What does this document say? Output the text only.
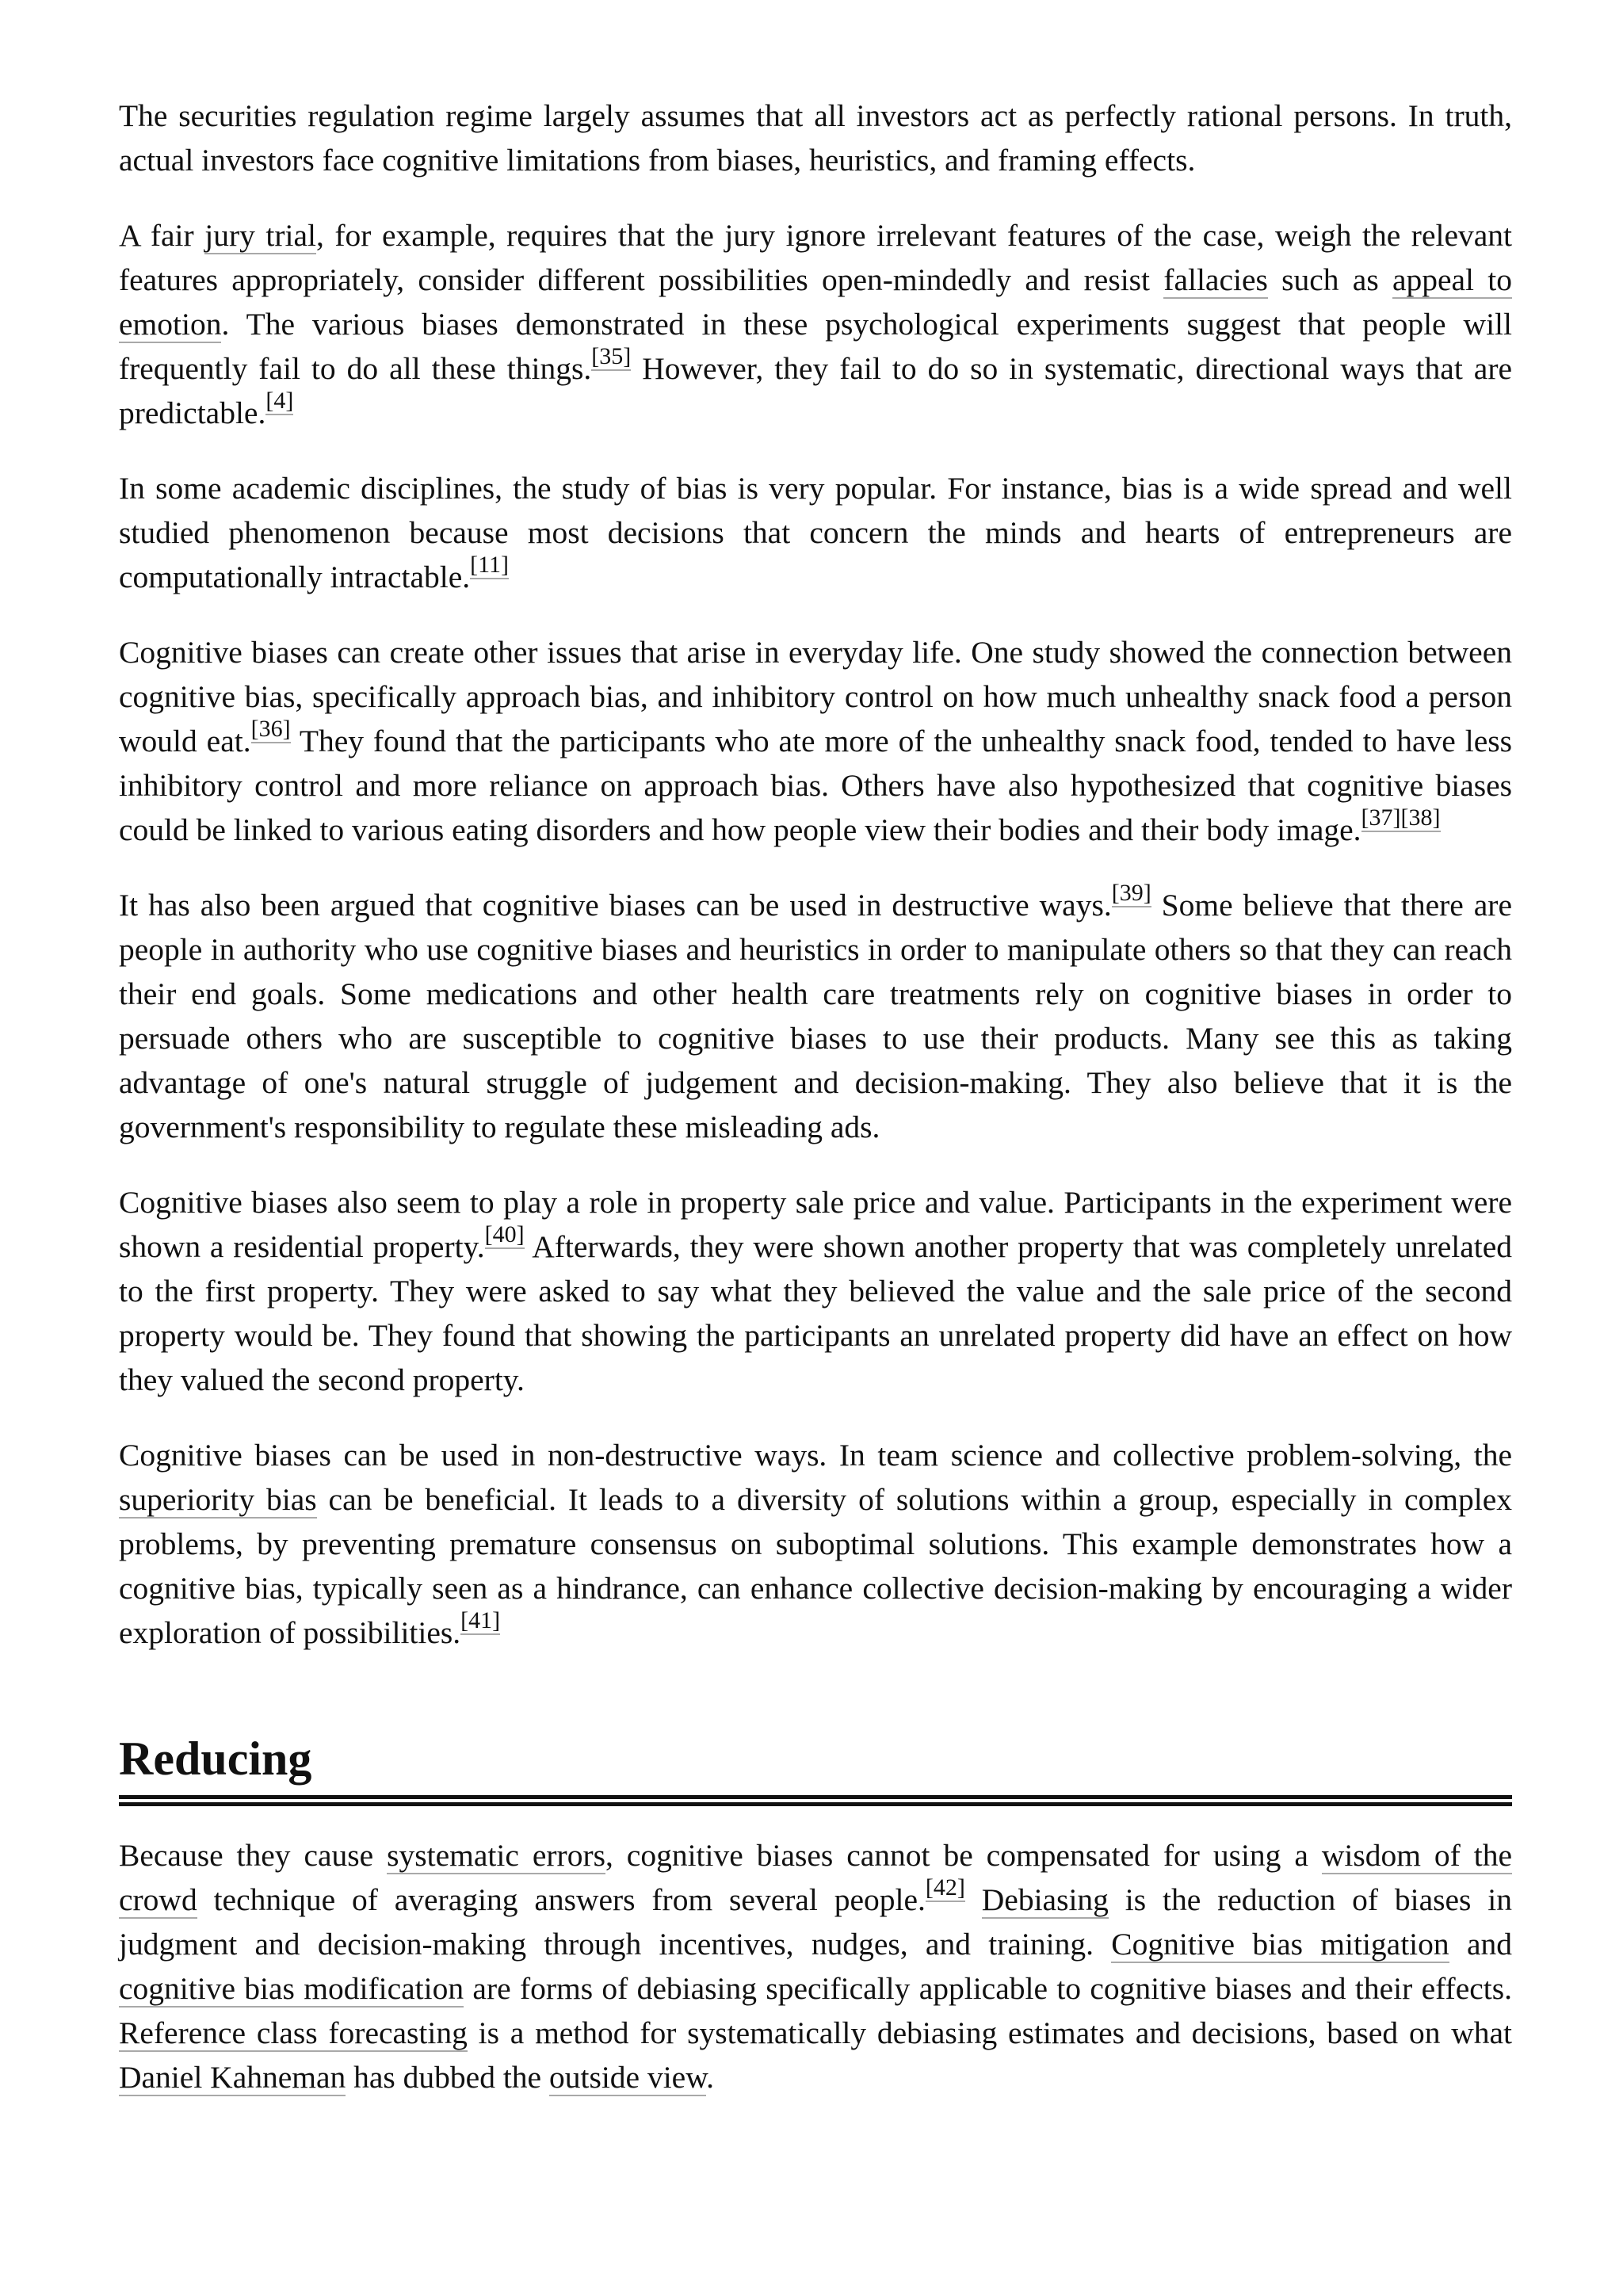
The securities regulation regime largely assumes that all investors act as perfectly rational persons. In truth, actual investors face cognitive limitations from biases, heuristics, and framing effects.

A fair jury trial, for example, requires that the jury ignore irrelevant features of the case, weigh the relevant features appropriately, consider different possibilities open-mindedly and resist fallacies such as appeal to emotion. The various biases demonstrated in these psychological experiments suggest that people will frequently fail to do all these things.[35] However, they fail to do so in systematic, directional ways that are predictable.[4]

In some academic disciplines, the study of bias is very popular. For instance, bias is a wide spread and well studied phenomenon because most decisions that concern the minds and hearts of entrepreneurs are computationally intractable.[11]

Cognitive biases can create other issues that arise in everyday life. One study showed the connection between cognitive bias, specifically approach bias, and inhibitory control on how much unhealthy snack food a person would eat.[36] They found that the participants who ate more of the unhealthy snack food, tended to have less inhibitory control and more reliance on approach bias. Others have also hypothesized that cognitive biases could be linked to various eating disorders and how people view their bodies and their body image.[37][38]

It has also been argued that cognitive biases can be used in destructive ways.[39] Some believe that there are people in authority who use cognitive biases and heuristics in order to manipulate others so that they can reach their end goals. Some medications and other health care treatments rely on cognitive biases in order to persuade others who are susceptible to cognitive biases to use their products. Many see this as taking advantage of one's natural struggle of judgement and decision-making. They also believe that it is the government's responsibility to regulate these misleading ads.

Cognitive biases also seem to play a role in property sale price and value. Participants in the experiment were shown a residential property.[40] Afterwards, they were shown another property that was completely unrelated to the first property. They were asked to say what they believed the value and the sale price of the second property would be. They found that showing the participants an unrelated property did have an effect on how they valued the second property.

Cognitive biases can be used in non-destructive ways. In team science and collective problem-solving, the superiority bias can be beneficial. It leads to a diversity of solutions within a group, especially in complex problems, by preventing premature consensus on suboptimal solutions. This example demonstrates how a cognitive bias, typically seen as a hindrance, can enhance collective decision-making by encouraging a wider exploration of possibilities.[41]

Reducing

Because they cause systematic errors, cognitive biases cannot be compensated for using a wisdom of the crowd technique of averaging answers from several people.[42] Debiasing is the reduction of biases in judgment and decision-making through incentives, nudges, and training. Cognitive bias mitigation and cognitive bias modification are forms of debiasing specifically applicable to cognitive biases and their effects. Reference class forecasting is a method for systematically debiasing estimates and decisions, based on what Daniel Kahneman has dubbed the outside view.
